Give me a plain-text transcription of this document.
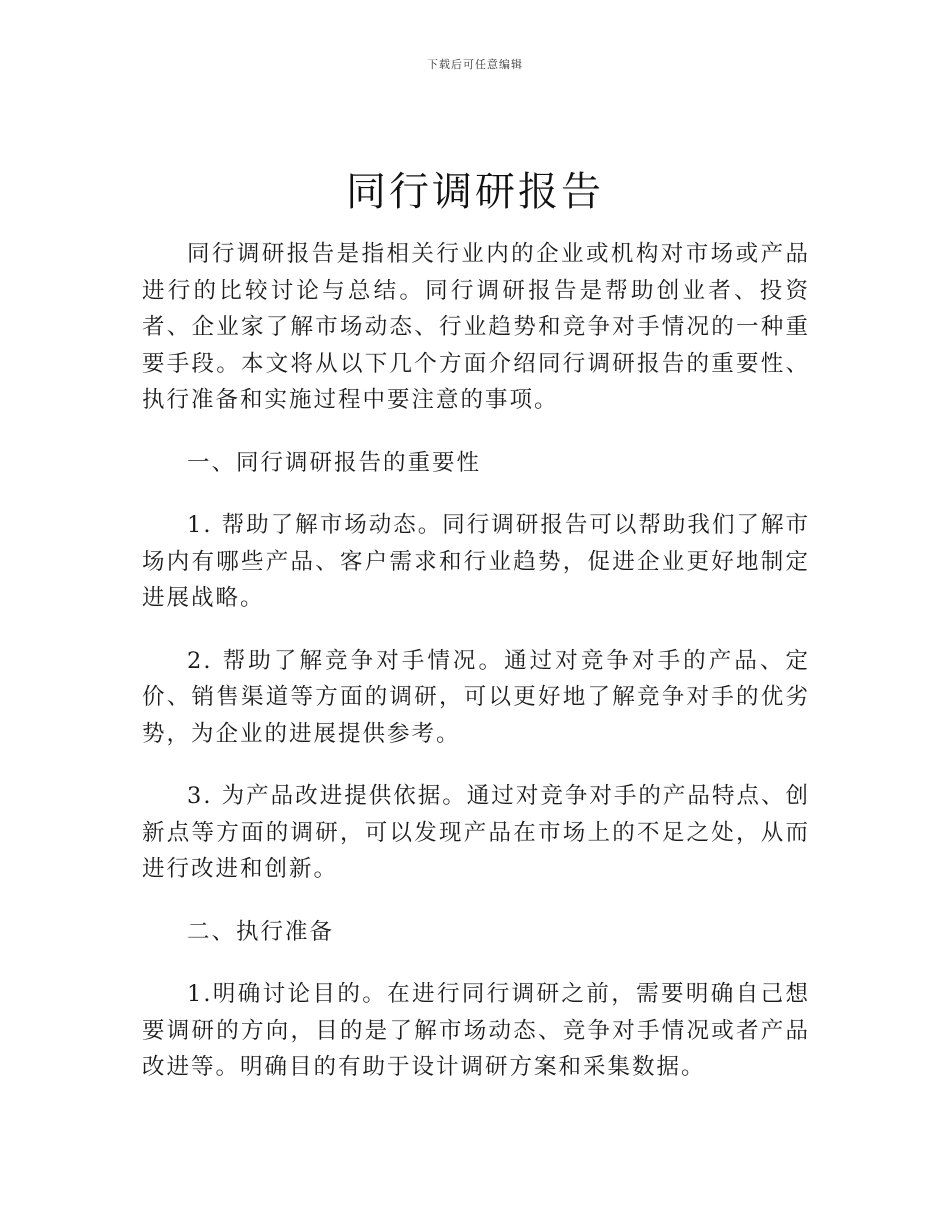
下载后可任意编辑
同行调研报告

同行调研报告是指相关行业内的企业或机构对市场或产品进行的比较讨论与总结。同行调研报告是帮助创业者、投资者、企业家了解市场动态、行业趋势和竞争对手情况的一种重要手段。本文将从以下几个方面介绍同行调研报告的重要性、执行准备和实施过程中要注意的事项。

一、同行调研报告的重要性

1. 帮助了解市场动态。同行调研报告可以帮助我们了解市场内有哪些产品、客户需求和行业趋势，促进企业更好地制定进展战略。

2. 帮助了解竞争对手情况。通过对竞争对手的产品、定价、销售渠道等方面的调研，可以更好地了解竞争对手的优劣势，为企业的进展提供参考。

3. 为产品改进提供依据。通过对竞争对手的产品特点、创新点等方面的调研，可以发现产品在市场上的不足之处，从而进行改进和创新。

二、执行准备

1.明确讨论目的。在进行同行调研之前，需要明确自己想要调研的方向，目的是了解市场动态、竞争对手情况或者产品改进等。明确目的有助于设计调研方案和采集数据。
